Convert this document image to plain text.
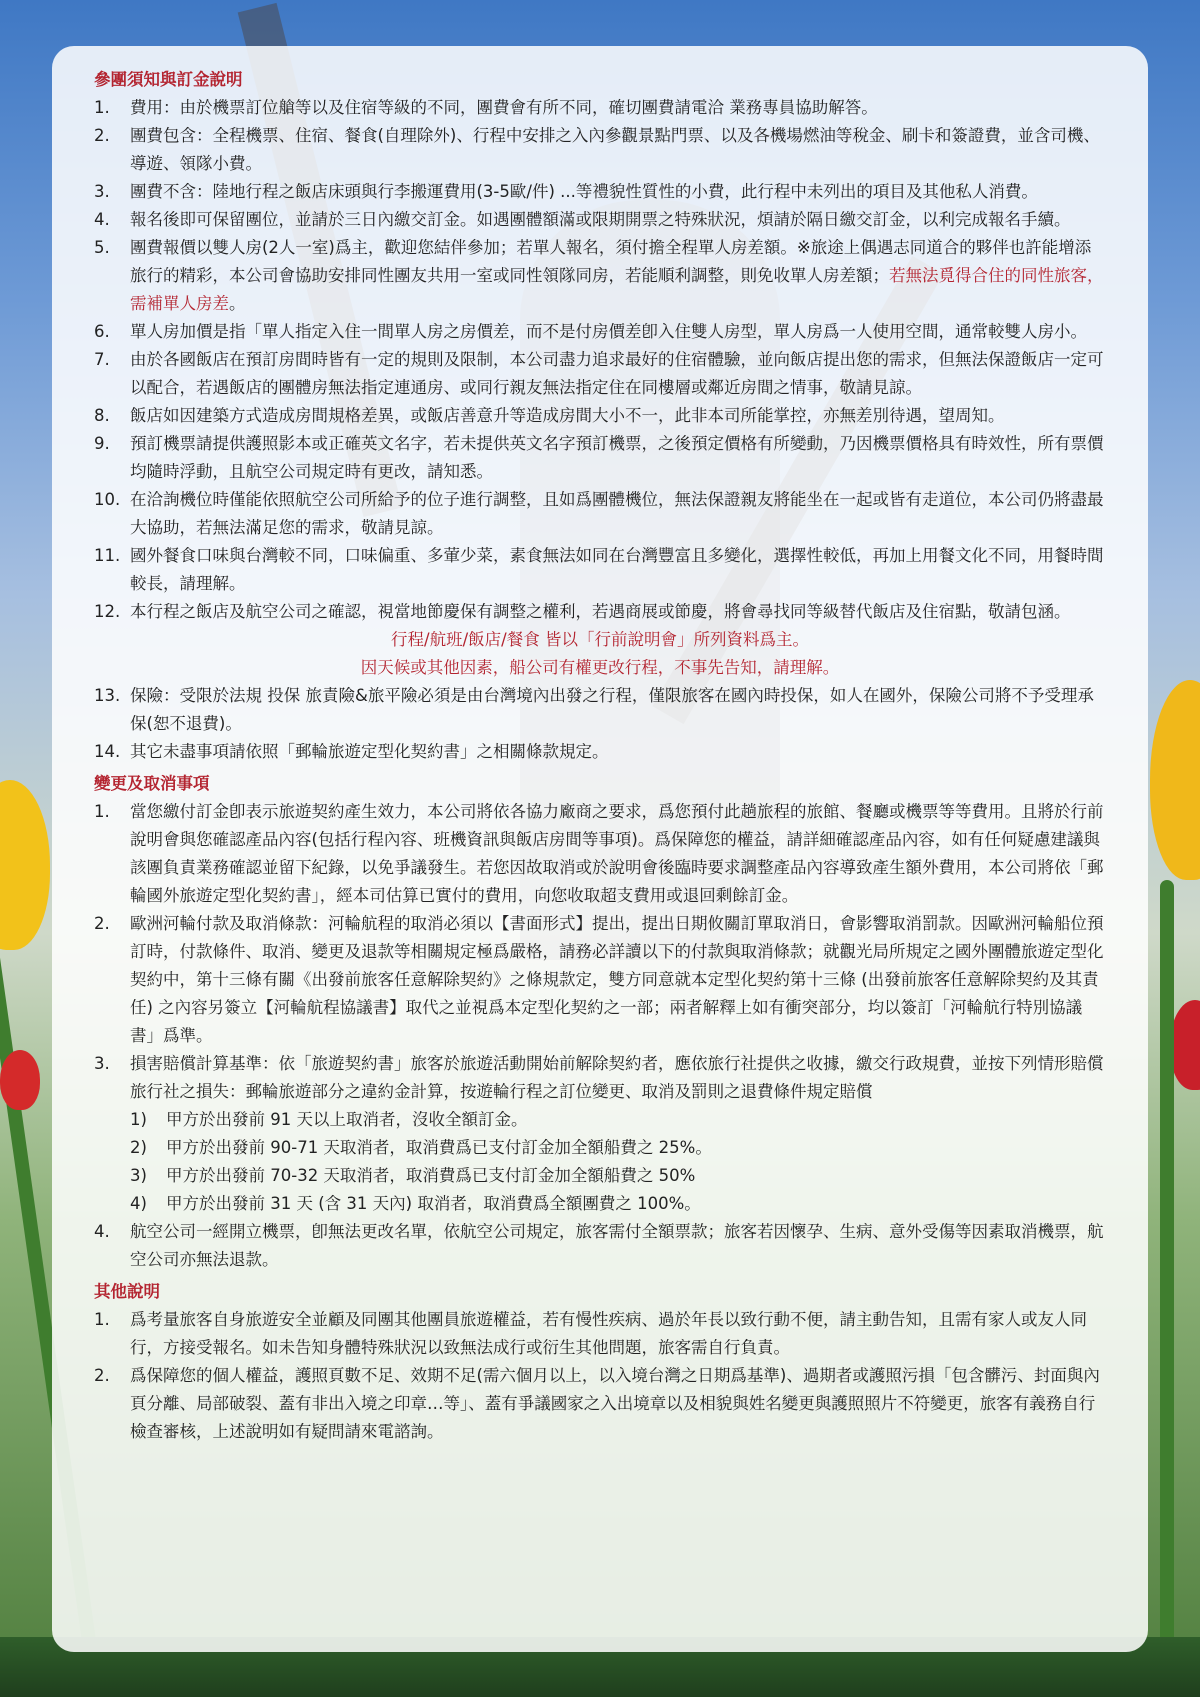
參團須知與訂金說明
1.	費用：由於機票訂位艙等以及住宿等級的不同，團費會有所不同，確切團費請電洽 業務專員協助解答。
2.	團費包含：全程機票、住宿、餐食(自理除外)、行程中安排之入內參觀景點門票、以及各機場燃油等稅金、刷卡和簽證費，並含司機、導遊、領隊小費。
3.	團費不含：陸地行程之飯店床頭與行李搬運費用(3-5歐/件) ...等禮貌性質性的小費，此行程中未列出的項目及其他私人消費。
4.	報名後即可保留團位，並請於三日內繳交訂金。如遇團體額滿或限期開票之特殊狀況，煩請於隔日繳交訂金，以利完成報名手續。
5.	團費報價以雙人房(2人一室)爲主，歡迎您結伴參加；若單人報名，須付擔全程單人房差額。※旅途上偶遇志同道合的夥伴也許能增添旅行的精彩，本公司會協助安排同性團友共用一室或同性領隊同房，若能順利調整，則免收單人房差額；若無法覓得合住的同性旅客，需補單人房差。
6.	單人房加價是指「單人指定入住一間單人房之房價差，而不是付房價差卽入住雙人房型，單人房爲一人使用空間，通常較雙人房小。
7.	由於各國飯店在預訂房間時皆有一定的規則及限制，本公司盡力追求最好的住宿體驗，並向飯店提出您的需求，但無法保證飯店一定可以配合，若遇飯店的團體房無法指定連通房、或同行親友無法指定住在同樓層或鄰近房間之情事，敬請見諒。
8.	飯店如因建築方式造成房間規格差異，或飯店善意升等造成房間大小不一，此非本司所能掌控，亦無差別待遇，望周知。
9.	預訂機票請提供護照影本或正確英文名字，若未提供英文名字預訂機票，之後預定價格有所變動，乃因機票價格具有時效性，所有票價均隨時浮動，且航空公司規定時有更改，請知悉。
10. 在洽詢機位時僅能依照航空公司所給予的位子進行調整，且如爲團體機位，無法保證親友將能坐在一起或皆有走道位，本公司仍將盡最大協助，若無法滿足您的需求，敬請見諒。
11. 國外餐食口味與台灣較不同，口味偏重、多葷少菜，素食無法如同在台灣豐富且多變化，選擇性較低，再加上用餐文化不同，用餐時間較長，請理解。
12. 本行程之飯店及航空公司之確認，視當地節慶保有調整之權利，若遇商展或節慶，將會尋找同等級替代飯店及住宿點，敬請包涵。
行程/航班/飯店/餐食 皆以「行前說明會」所列資料爲主。
因天候或其他因素，船公司有權更改行程，不事先告知，請理解。
13. 保險：受限於法規 投保 旅責險&旅平險必須是由台灣境內出發之行程，僅限旅客在國內時投保，如人在國外，保險公司將不予受理承保(恕不退費)。
14. 其它未盡事項請依照「郵輪旅遊定型化契約書」之相關條款規定。
變更及取消事項
1.	當您繳付訂金卽表示旅遊契約產生效力，本公司將依各協力廠商之要求，爲您預付此趟旅程的旅館、餐廳或機票等等費用。且將於行前說明會與您確認產品內容(包括行程內容、班機資訊與飯店房間等事項)。爲保障您的權益，請詳細確認產品內容，如有任何疑慮建議與該團負責業務確認並留下紀錄，以免爭議發生。若您因故取消或於說明會後臨時要求調整產品內容導致產生額外費用，本公司將依「郵輪國外旅遊定型化契約書」，經本司估算已實付的費用，向您收取超支費用或退回剩餘訂金。
2.	歐洲河輪付款及取消條款：河輪航程的取消必須以【書面形式】提出，提出日期攸關訂單取消日，會影響取消罰款。因歐洲河輪船位預訂時，付款條件、取消、變更及退款等相關規定極爲嚴格，請務必詳讀以下的付款與取消條款；就觀光局所規定之國外團體旅遊定型化契約中，第十三條有關《出發前旅客任意解除契約》之條規款定，雙方同意就本定型化契約第十三條 (出發前旅客任意解除契約及其責任) 之內容另簽立【河輪航程協議書】取代之並視爲本定型化契約之一部；兩者解釋上如有衝突部分，均以簽訂「河輪航行特別協議書」爲準。
3.	損害賠償計算基準：依「旅遊契約書」旅客於旅遊活動開始前解除契約者，應依旅行社提供之收據，繳交行政規費，並按下列情形賠償旅行社之損失：郵輪旅遊部分之違約金計算，按遊輪行程之訂位變更、取消及罰則之退費條件規定賠償
1)	甲方於出發前 91 天以上取消者，沒收全額訂金。
2)	甲方於出發前 90-71 天取消者，取消費爲已支付訂金加全額船費之 25%。
3)	甲方於出發前 70-32 天取消者，取消費爲已支付訂金加全額船費之 50%
4)	甲方於出發前 31 天 (含 31 天內) 取消者，取消費爲全額團費之 100%。
4.	航空公司一經開立機票，卽無法更改名單，依航空公司規定，旅客需付全額票款；旅客若因懷孕、生病、意外受傷等因素取消機票，航空公司亦無法退款。
其他說明
1.	爲考量旅客自身旅遊安全並顧及同團其他團員旅遊權益，若有慢性疾病、過於年長以致行動不便，請主動告知，且需有家人或友人同行，方接受報名。如未告知身體特殊狀況以致無法成行或衍生其他問題，旅客需自行負責。
2.	爲保障您的個人權益，護照頁數不足、效期不足(需六個月以上，以入境台灣之日期爲基準)、過期者或護照污損「包含髒污、封面與內頁分離、局部破裂、蓋有非出入境之印章…等」、蓋有爭議國家之入出境章以及相貌與姓名變更與護照照片不符變更，旅客有義務自行檢查審核，上述說明如有疑問請來電諮詢。
